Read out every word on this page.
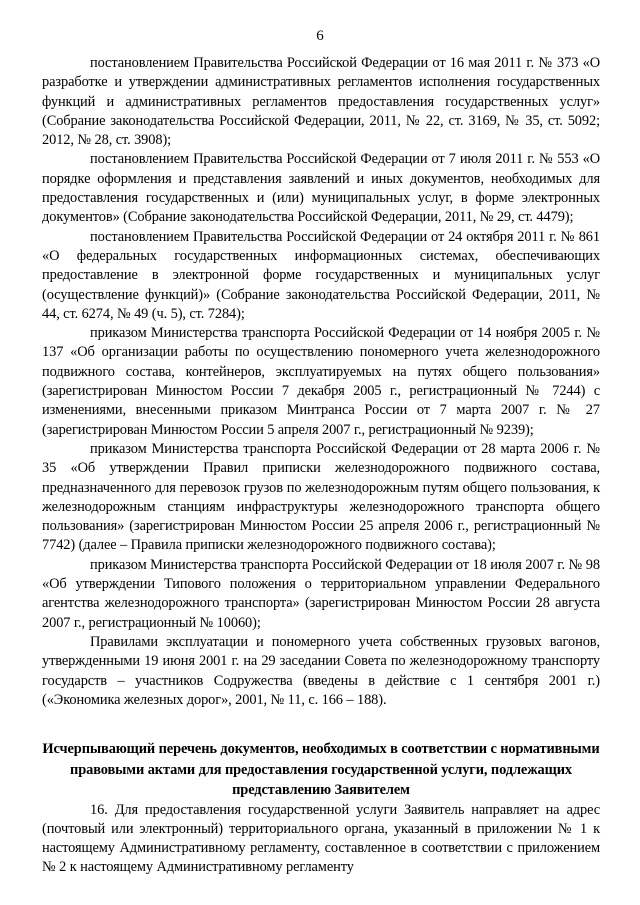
6

постановлением Правительства Российской Федерации от 16 мая 2011 г. № 373 «О разработке и утверждении административных регламентов исполнения государственных функций и административных регламентов предоставления государственных услуг» (Собрание законодательства Российской Федерации, 2011, № 22, ст. 3169, № 35, ст. 5092; 2012, № 28, ст. 3908);

постановлением Правительства Российской Федерации от 7 июля 2011 г. № 553 «О порядке оформления и представления заявлений и иных документов, необходимых для предоставления государственных и (или) муниципальных услуг, в форме электронных документов» (Собрание законодательства Российской Федерации, 2011, № 29, ст. 4479);

постановлением Правительства Российской Федерации от 24 октября 2011 г. № 861 «О федеральных государственных информационных системах, обеспечивающих предоставление в электронной форме государственных и муниципальных услуг (осуществление функций)» (Собрание законодательства Российской Федерации, 2011, № 44, ст. 6274, № 49 (ч. 5), ст. 7284);

приказом Министерства транспорта Российской Федерации от 14 ноября 2005 г. № 137 «Об организации работы по осуществлению пономерного учета железнодорожного подвижного состава, контейнеров, эксплуатируемых на путях общего пользования» (зарегистрирован Минюстом России 7 декабря 2005 г., регистрационный № 7244) с изменениями, внесенными приказом Минтранса России от 7 марта 2007 г. № 27 (зарегистрирован Минюстом России 5 апреля 2007 г., регистрационный № 9239);

приказом Министерства транспорта Российской Федерации от 28 марта 2006 г. № 35 «Об утверждении Правил приписки железнодорожного подвижного состава, предназначенного для перевозок грузов по железнодорожным путям общего пользования, к железнодорожным станциям инфраструктуры железнодорожного транспорта общего пользования» (зарегистрирован Минюстом России 25 апреля 2006 г., регистрационный № 7742) (далее – Правила приписки железнодорожного подвижного состава);

приказом Министерства транспорта Российской Федерации от 18 июля 2007 г. № 98 «Об утверждении Типового положения о территориальном управлении Федерального агентства железнодорожного транспорта» (зарегистрирован Минюстом России 28 августа 2007 г., регистрационный № 10060);

Правилами эксплуатации и пономерного учета собственных грузовых вагонов, утвержденными 19 июня 2001 г. на 29 заседании Совета по железнодорожному транспорту государств – участников Содружества (введены в действие с 1 сентября 2001 г.) («Экономика железных дорог», 2001, № 11, с. 166 – 188).

Исчерпывающий перечень документов, необходимых в соответствии с нормативными правовыми актами для предоставления государственной услуги, подлежащих представлению Заявителем

16. Для предоставления государственной услуги Заявитель направляет на адрес (почтовый или электронный) территориального органа, указанный в приложении № 1 к настоящему Административному регламенту, составленное в соответствии с приложением № 2 к настоящему Административному регламенту
